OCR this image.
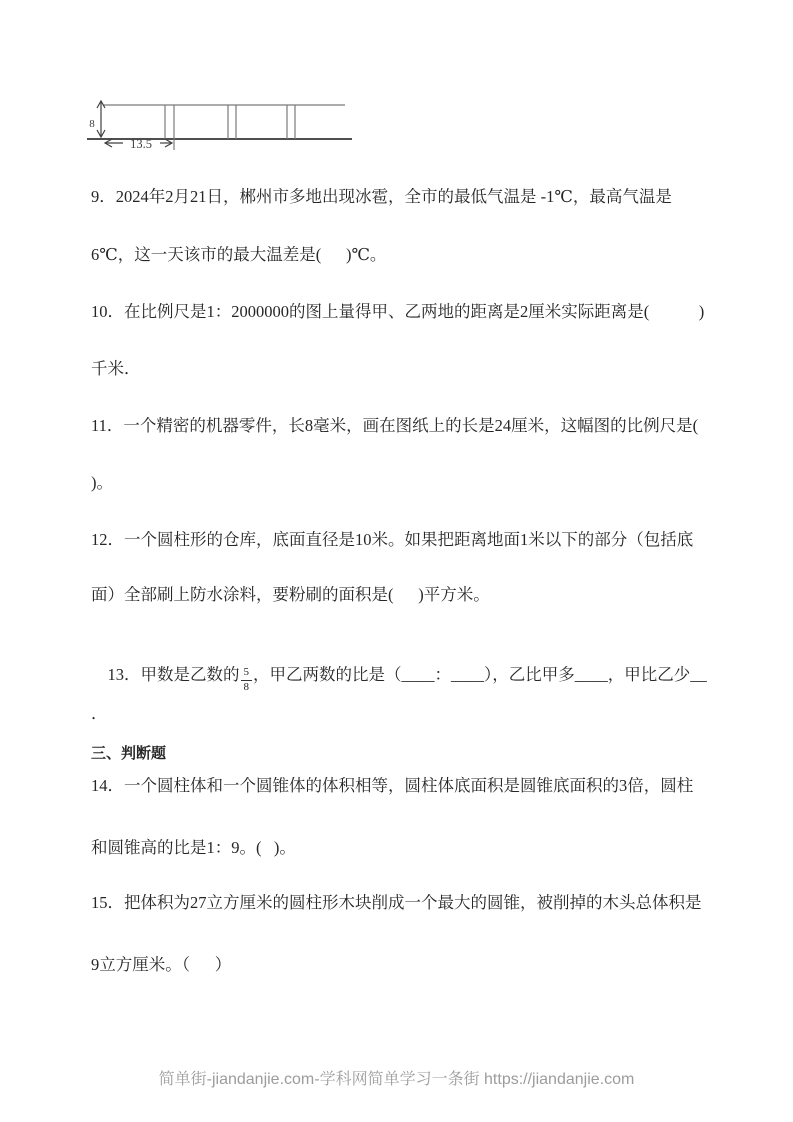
8
13.5
9．2024年2月21日，郴州市多地出现冰雹，全市的最低气温是 -1℃，最高气温是
6℃，这一天该市的最大温差是(      )℃。
10．在比例尺是1：2000000的图上量得甲、乙两地的距离是2厘米实际距离是(            )
千米．
11．一个精密的机器零件，长8毫米，画在图纸上的长是24厘米，这幅图的比例尺是(
)。
12．一个圆柱形的仓库，底面直径是10米。如果把距离地面1米以下的部分（包括底
面）全部刷上防水涂料，要粉刷的面积是(      )平方米。

13．甲数是乙数的 $\frac{5}{8}$ ，甲乙两数的比是（____：____），乙比甲多____，甲比乙少__

．
三、判断题
14．一个圆柱体和一个圆锥体的体积相等，圆柱体底面积是圆锥底面积的3倍，圆柱
和圆锥高的比是1：9。(   )。
15．把体积为27立方厘米的圆柱形木块削成一个最大的圆锥，被削掉的木头总体积是
9立方厘米。（      ）
简单街-jiandanjie.com-学科网简单学习一条街 https://jiandanjie.com
